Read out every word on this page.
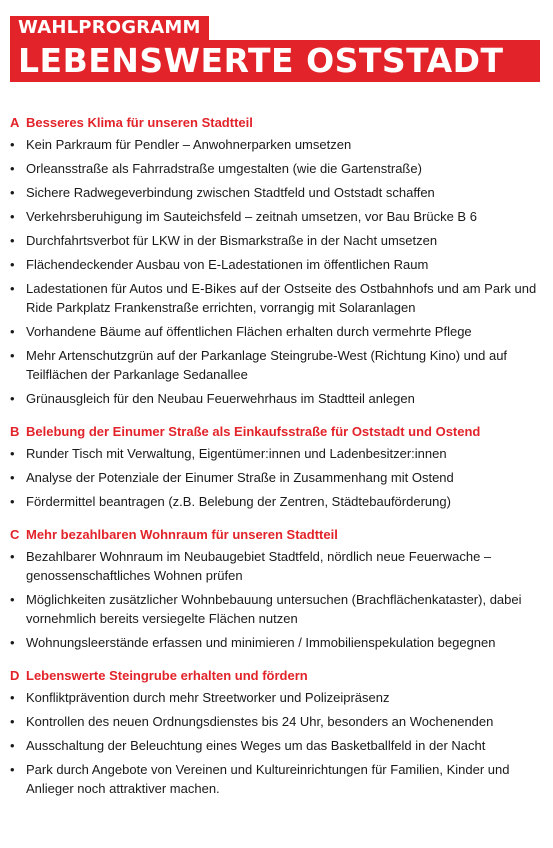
WAHLPROGRAMM
LEBENSWERTE OSTSTADT
A Besseres Klima für unseren Stadtteil
• Kein Parkraum für Pendler – Anwohnerparken umsetzen
• Orleansstraße als Fahrradstraße umgestalten (wie die Gartenstraße)
• Sichere Radwegeverbindung zwischen Stadtfeld und Oststadt schaffen
• Verkehrsberuhigung im Sauteichsfeld – zeitnah umsetzen, vor Bau Brücke B 6
• Durchfahrtsverbot für LKW in der Bismarkstraße in der Nacht umsetzen
• Flächendeckender Ausbau von E-Ladestationen im öffentlichen Raum
• Ladestationen für Autos und E-Bikes auf der Ostseite des Ostbahnhofs und am Park und Ride Parkplatz Frankenstraße errichten, vorrangig mit Solaranlagen
• Vorhandene Bäume auf öffentlichen Flächen erhalten durch vermehrte Pflege
• Mehr Artenschutzgrün auf der Parkanlage Steingrube-West (Richtung Kino) und auf Teilflächen der Parkanlage Sedanallee
• Grünausgleich für den Neubau Feuerwehrhaus im Stadtteil anlegen
B Belebung der Einumer Straße als Einkaufsstraße für Oststadt und Ostend
• Runder Tisch mit Verwaltung, Eigentümer:innen und Ladenbesitzer:innen
• Analyse der Potenziale der Einumer Straße in Zusammenhang mit Ostend
• Fördermittel beantragen (z.B. Belebung der Zentren, Städtebauförderung)
C Mehr bezahlbaren Wohnraum für unseren Stadtteil
• Bezahlbarer Wohnraum im Neubaugebiet Stadtfeld, nördlich neue Feuerwache – genossenschaftliches Wohnen prüfen
• Möglichkeiten zusätzlicher Wohnbebauung untersuchen (Brachflächenkataster), dabei vornehmlich bereits versiegelte Flächen nutzen
• Wohnungsleerstände erfassen und minimieren / Immobilienspekulation begegnen
D Lebenswerte Steingrube erhalten und fördern
• Konfliktprävention durch mehr Streetworker und Polizeipräsenz
• Kontrollen des neuen Ordnungsdienstes bis 24 Uhr, besonders an Wochenenden
• Ausschaltung der Beleuchtung eines Weges um das Basketballfeld in der Nacht
• Park durch Angebote von Vereinen und Kultureinrichtungen für Familien, Kinder und Anlieger noch attraktiver machen.
